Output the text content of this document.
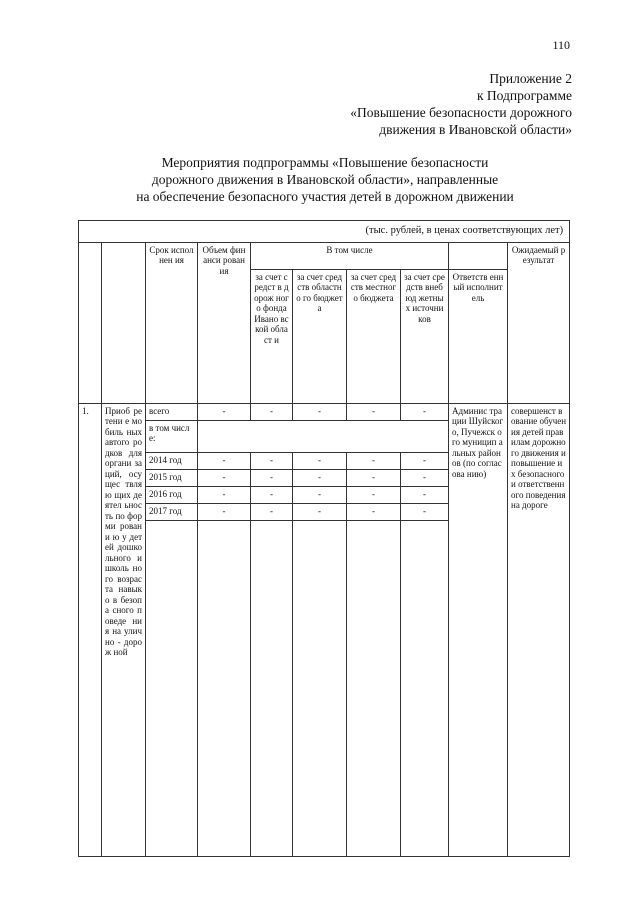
110
Приложение 2
к Подпрограмме
«Повышение безопасности дорожного
движения в Ивановской области»
Мероприятия подпрограммы «Повышение безопасности
дорожного движения в Ивановской области», направленные
на обеспечение безопасного участия детей в дорожном движении
(тыс. рублей, в ценах соответствующих лет)									
		Срок исполнен ия	Объем финанси рования	В том числе					Ожидаемый результат
				за счет средст в дорож ного фонда Ивано вской област и	за счет средств областно го бюджета	за счет средств местного бюджета	за счет средств внебюд жетных источни ков	Ответств енный исполнит ель	
1.	Приоб ретени е мобиль ных автого родков для органи заций, осущес твляю щих деятел ьность по форми ровани ю у детей дошко льного и школь ного возрас та навыко в безопа сного поведе ния на улично - дорож ной	всего	-	-	-	-	-	Админис трации Шуйског о, Пучежск ого муницип альных районов (по согласова нию)	совершенст вование обучения детей правилам дорожного движения и повышение их безопасного и ответственн ого поведения на дороге
		в том числе:							
		2014 год	-	-	-	-	-		
		2015 год	-	-	-	-	-		
		2016 год	-	-	-	-	-		
		2017 год	-	-	-	-	-		
